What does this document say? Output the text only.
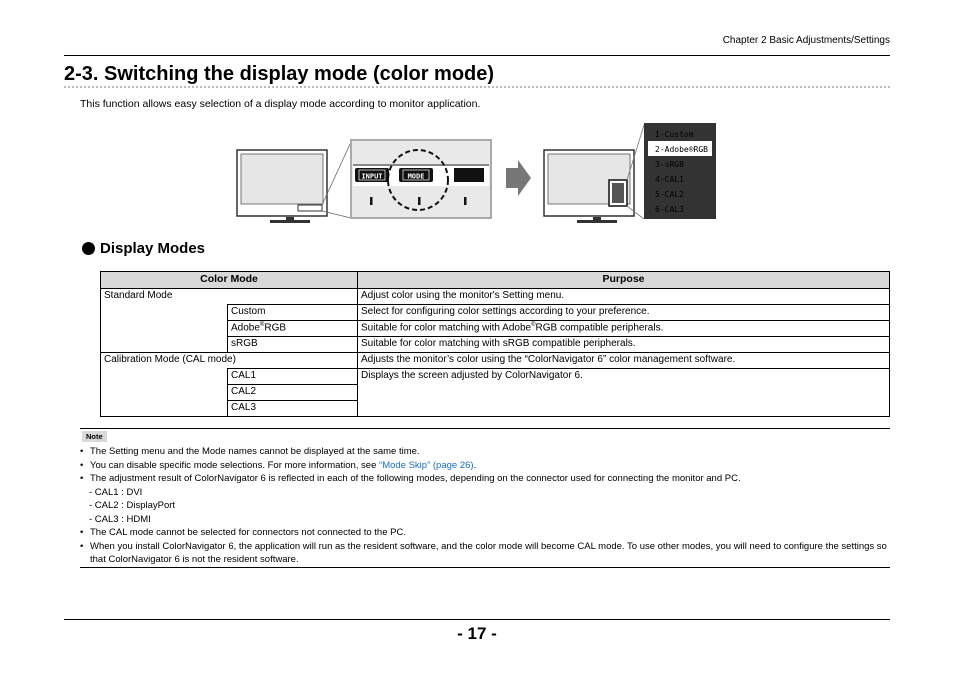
Chapter 2 Basic Adjustments/Settings
2-3. Switching the display mode (color mode)
This function allows easy selection of a display mode according to monitor application.
INPUT	MODE
1-Custom
2-Adobe®RGB
3-sRGB
4-CAL1
5-CAL2
6-CAL3
Display Modes
Color Mode		Purpose
Standard Mode		Adjust color using the monitor's Setting menu.
	Custom	Select for configuring color settings according to your preference.
	Adobe®RGB	Suitable for color matching with Adobe®RGB compatible peripherals.
	sRGB	Suitable for color matching with sRGB compatible peripherals.
Calibration Mode (CAL mode)		Adjusts the monitor’s color using the “ColorNavigator 6” color management software.
	CAL1	Displays the screen adjusted by ColorNavigator 6.
	CAL2	
	CAL3	
Note
• The Setting menu and the Mode names cannot be displayed at the same time.
• You can disable specific mode selections. For more information, see “Mode Skip” (page 26).
• The adjustment result of ColorNavigator 6 is reflected in each of the following modes, depending on the connector used for connecting the monitor and PC.
- CAL1 : DVI
- CAL2 : DisplayPort
- CAL3 : HDMI
• The CAL mode cannot be selected for connectors not connected to the PC.
• When you install ColorNavigator 6, the application will run as the resident software, and the color mode will become CAL mode. To use other modes, you will need to configure the settings so that ColorNavigator 6 is not the resident software.
- 17 -
